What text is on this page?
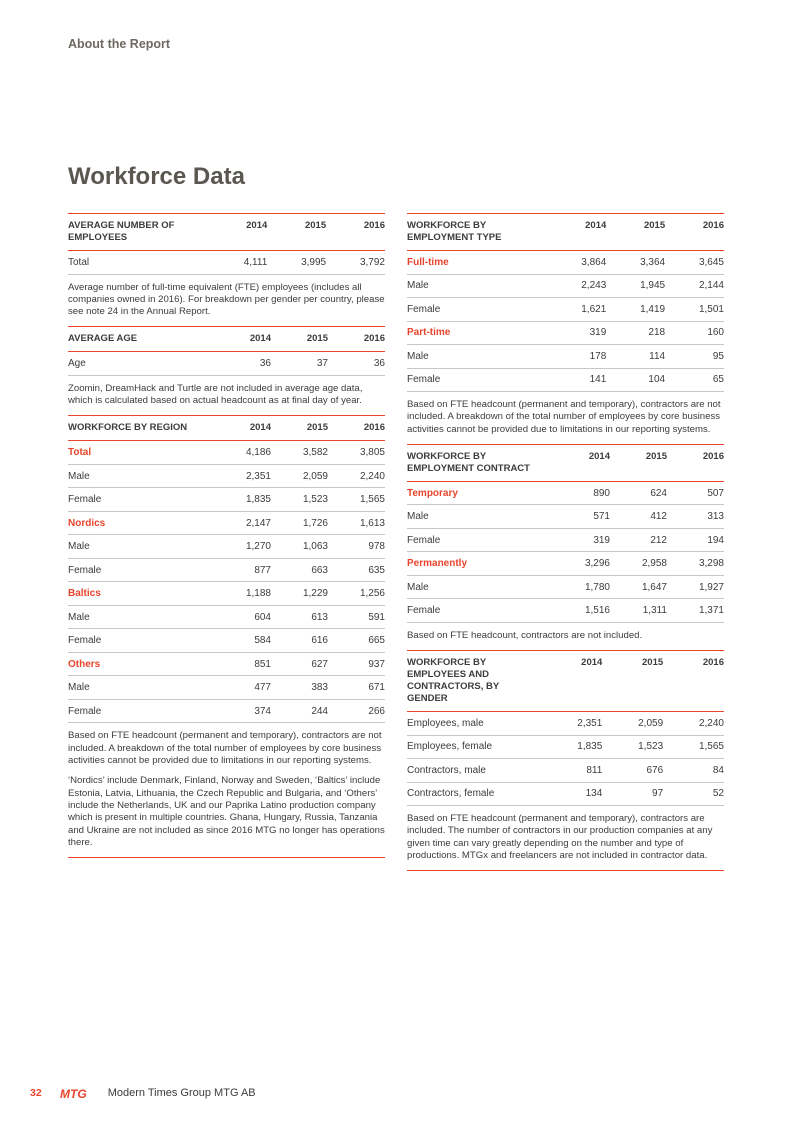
About the Report
Workforce Data
AVERAGE NUMBER OF EMPLOYEES	2014	2015	2016
Total	4,111	3,995	3,792

Average number of full-time equivalent (FTE) employees (includes all companies owned in 2016). For breakdown per gender per country, please see note 24 in the Annual Report.

AVERAGE AGE	2014	2015	2016
Age	36	37	36

Zoomin, DreamHack and Turtle are not included in average age data, which is calculated based on actual headcount as at final day of year.

WORKFORCE BY REGION	2014	2015	2016
Total	4,186	3,582	3,805
Male	2,351	2,059	2,240
Female	1,835	1,523	1,565
Nordics	2,147	1,726	1,613
Male	1,270	1,063	978
Female	877	663	635
Baltics	1,188	1,229	1,256
Male	604	613	591
Female	584	616	665
Others	851	627	937
Male	477	383	671
Female	374	244	266

Based on FTE headcount (permanent and temporary), contractors are not included. A breakdown of the total number of employees by core business activities cannot be provided due to limitations in our reporting systems.

‘Nordics’ include Denmark, Finland, Norway and Sweden, ‘Baltics’ include Estonia, Latvia, Lithuania, the Czech Republic and Bulgaria, and ‘Others’ include the Netherlands, UK and our Paprika Latino production company which is present in multiple countries. Ghana, Hungary, Russia, Tanzania and Ukraine are not included as since 2016 MTG no longer has operations there.

WORKFORCE BY EMPLOYMENT TYPE	2014	2015	2016
Full-time	3,864	3,364	3,645
Male	2,243	1,945	2,144
Female	1,621	1,419	1,501
Part-time	319	218	160
Male	178	114	95
Female	141	104	65

Based on FTE headcount (permanent and temporary), contractors are not included. A breakdown of the total number of employees by core business activities cannot be provided due to limitations in our reporting systems.

WORKFORCE BY EMPLOYMENT CONTRACT	2014	2015	2016
Temporary	890	624	507
Male	571	412	313
Female	319	212	194
Permanently	3,296	2,958	3,298
Male	1,780	1,647	1,927
Female	1,516	1,311	1,371

Based on FTE headcount, contractors are not included.

WORKFORCE BY EMPLOYEES AND CONTRACTORS, BY GENDER	2014	2015	2016
Employees, male	2,351	2,059	2,240
Employees, female	1,835	1,523	1,565
Contractors, male	811	676	84
Contractors, female	134	97	52

Based on FTE headcount (permanent and temporary), contractors are included. The number of contractors in our production companies at any given time can vary greatly depending on the number and type of productions. MTGx and freelancers are not included in contractor data.

32 MTG Modern Times Group MTG AB
